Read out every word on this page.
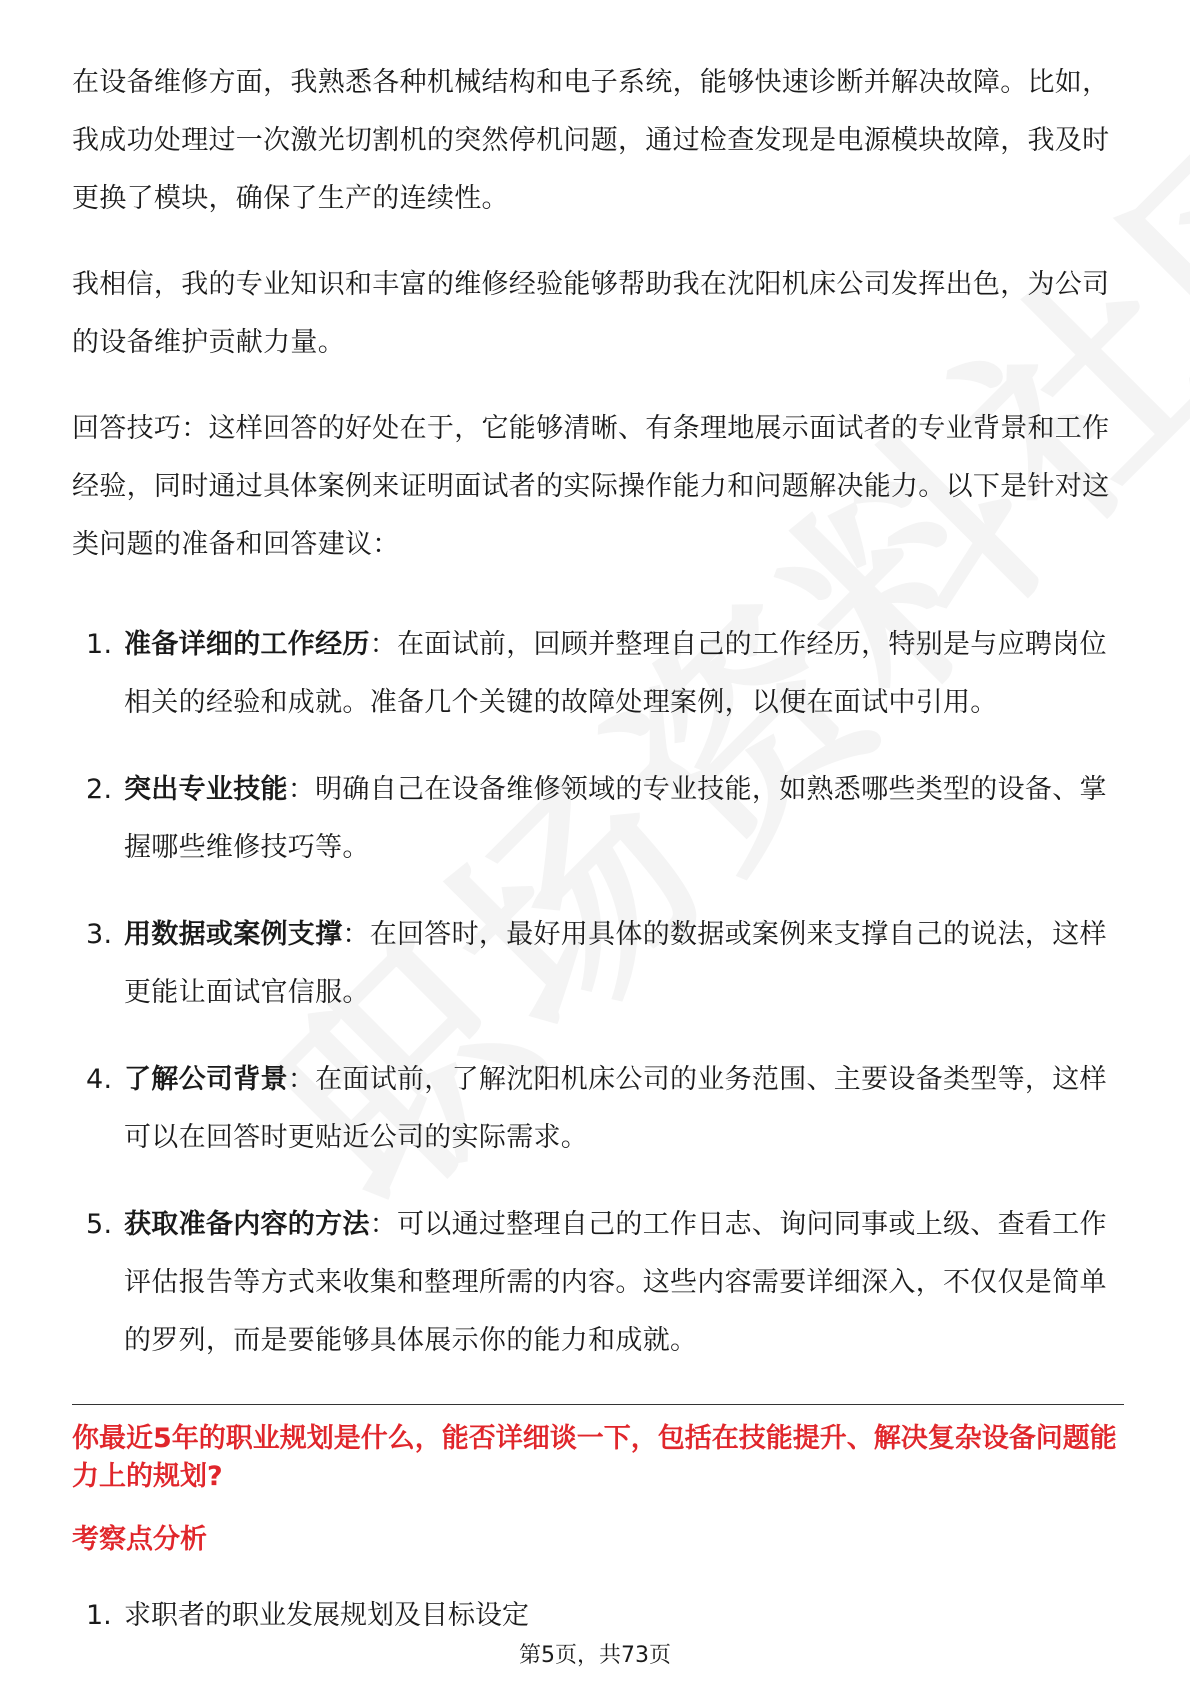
在设备维修方面，我熟悉各种机械结构和电子系统，能够快速诊断并解决故障。比如，我成功处理过一次激光切割机的突然停机问题，通过检查发现是电源模块故障，我及时更换了模块，确保了生产的连续性。

我相信，我的专业知识和丰富的维修经验能够帮助我在沈阳机床公司发挥出色，为公司的设备维护贡献力量。

回答技巧：这样回答的好处在于，它能够清晰、有条理地展示面试者的专业背景和工作经验，同时通过具体案例来证明面试者的实际操作能力和问题解决能力。以下是针对这类问题的准备和回答建议：

1. 准备详细的工作经历：在面试前，回顾并整理自己的工作经历，特别是与应聘岗位相关的经验和成就。准备几个关键的故障处理案例，以便在面试中引用。
2. 突出专业技能：明确自己在设备维修领域的专业技能，如熟悉哪些类型的设备、掌握哪些维修技巧等。
3. 用数据或案例支撑：在回答时，最好用具体的数据或案例来支撑自己的说法，这样更能让面试官信服。
4. 了解公司背景：在面试前，了解沈阳机床公司的业务范围、主要设备类型等，这样可以在回答时更贴近公司的实际需求。
5. 获取准备内容的方法：可以通过整理自己的工作日志、询问同事或上级、查看工作评估报告等方式来收集和整理所需的内容。这些内容需要详细深入，不仅仅是简单的罗列，而是要能够具体展示你的能力和成就。
你最近5年的职业规划是什么，能否详细谈一下，包括在技能提升、解决复杂设备问题能力上的规划?
考察点分析
1. 求职者的职业发展规划及目标设定
第5页，共73页
